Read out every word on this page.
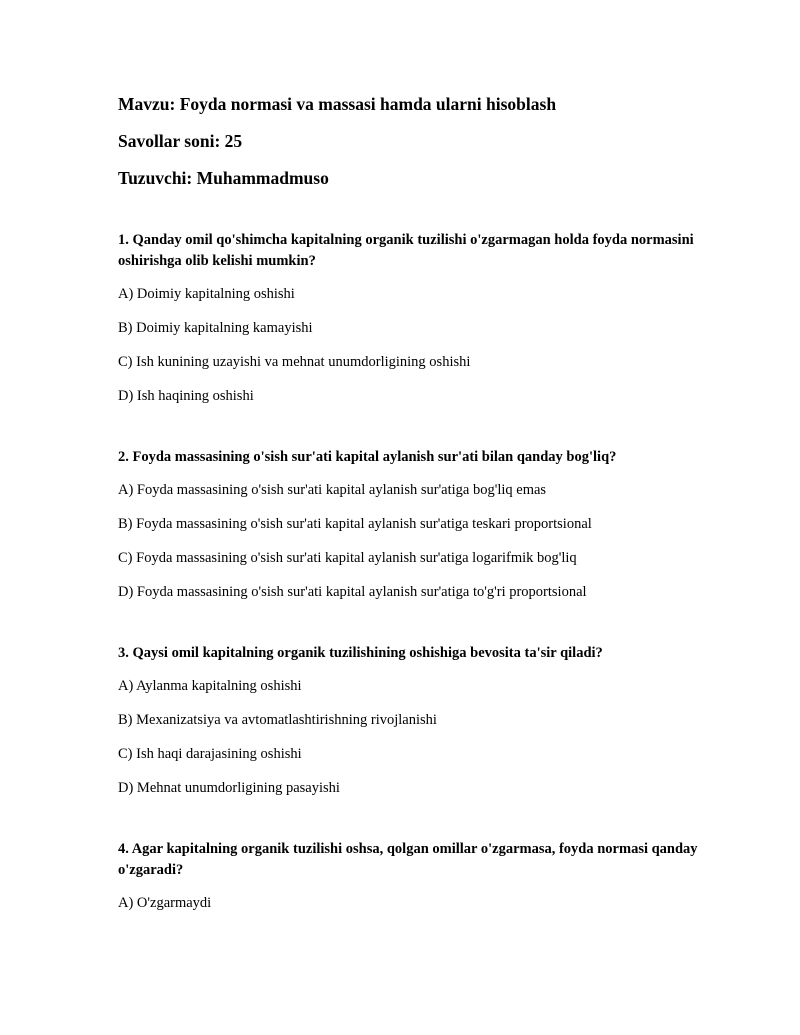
Mavzu: Foyda normasi va massasi hamda ularni hisoblash
Savollar soni: 25
Tuzuvchi: Muhammadmuso
1. Qanday omil qo'shimcha kapitalning organik tuzilishi o'zgarmagan holda foyda normasini oshirishga olib kelishi mumkin?
A) Doimiy kapitalning oshishi
B) Doimiy kapitalning kamayishi
C) Ish kunining uzayishi va mehnat unumdorligining oshishi
D) Ish haqining oshishi
2. Foyda massasining o'sish sur'ati kapital aylanish sur'ati bilan qanday bog'liq?
A) Foyda massasining o'sish sur'ati kapital aylanish sur'atiga bog'liq emas
B) Foyda massasining o'sish sur'ati kapital aylanish sur'atiga teskari proportsional
C) Foyda massasining o'sish sur'ati kapital aylanish sur'atiga logarifmik bog'liq
D) Foyda massasining o'sish sur'ati kapital aylanish sur'atiga to'g'ri proportsional
3. Qaysi omil kapitalning organik tuzilishining oshishiga bevosita ta'sir qiladi?
A) Aylanma kapitalning oshishi
B) Mexanizatsiya va avtomatlashtirishning rivojlanishi
C) Ish haqi darajasining oshishi
D) Mehnat unumdorligining pasayishi
4. Agar kapitalning organik tuzilishi oshsa, qolgan omillar o'zgarmasa, foyda normasi qanday o'zgaradi?
A) O'zgarmaydi
